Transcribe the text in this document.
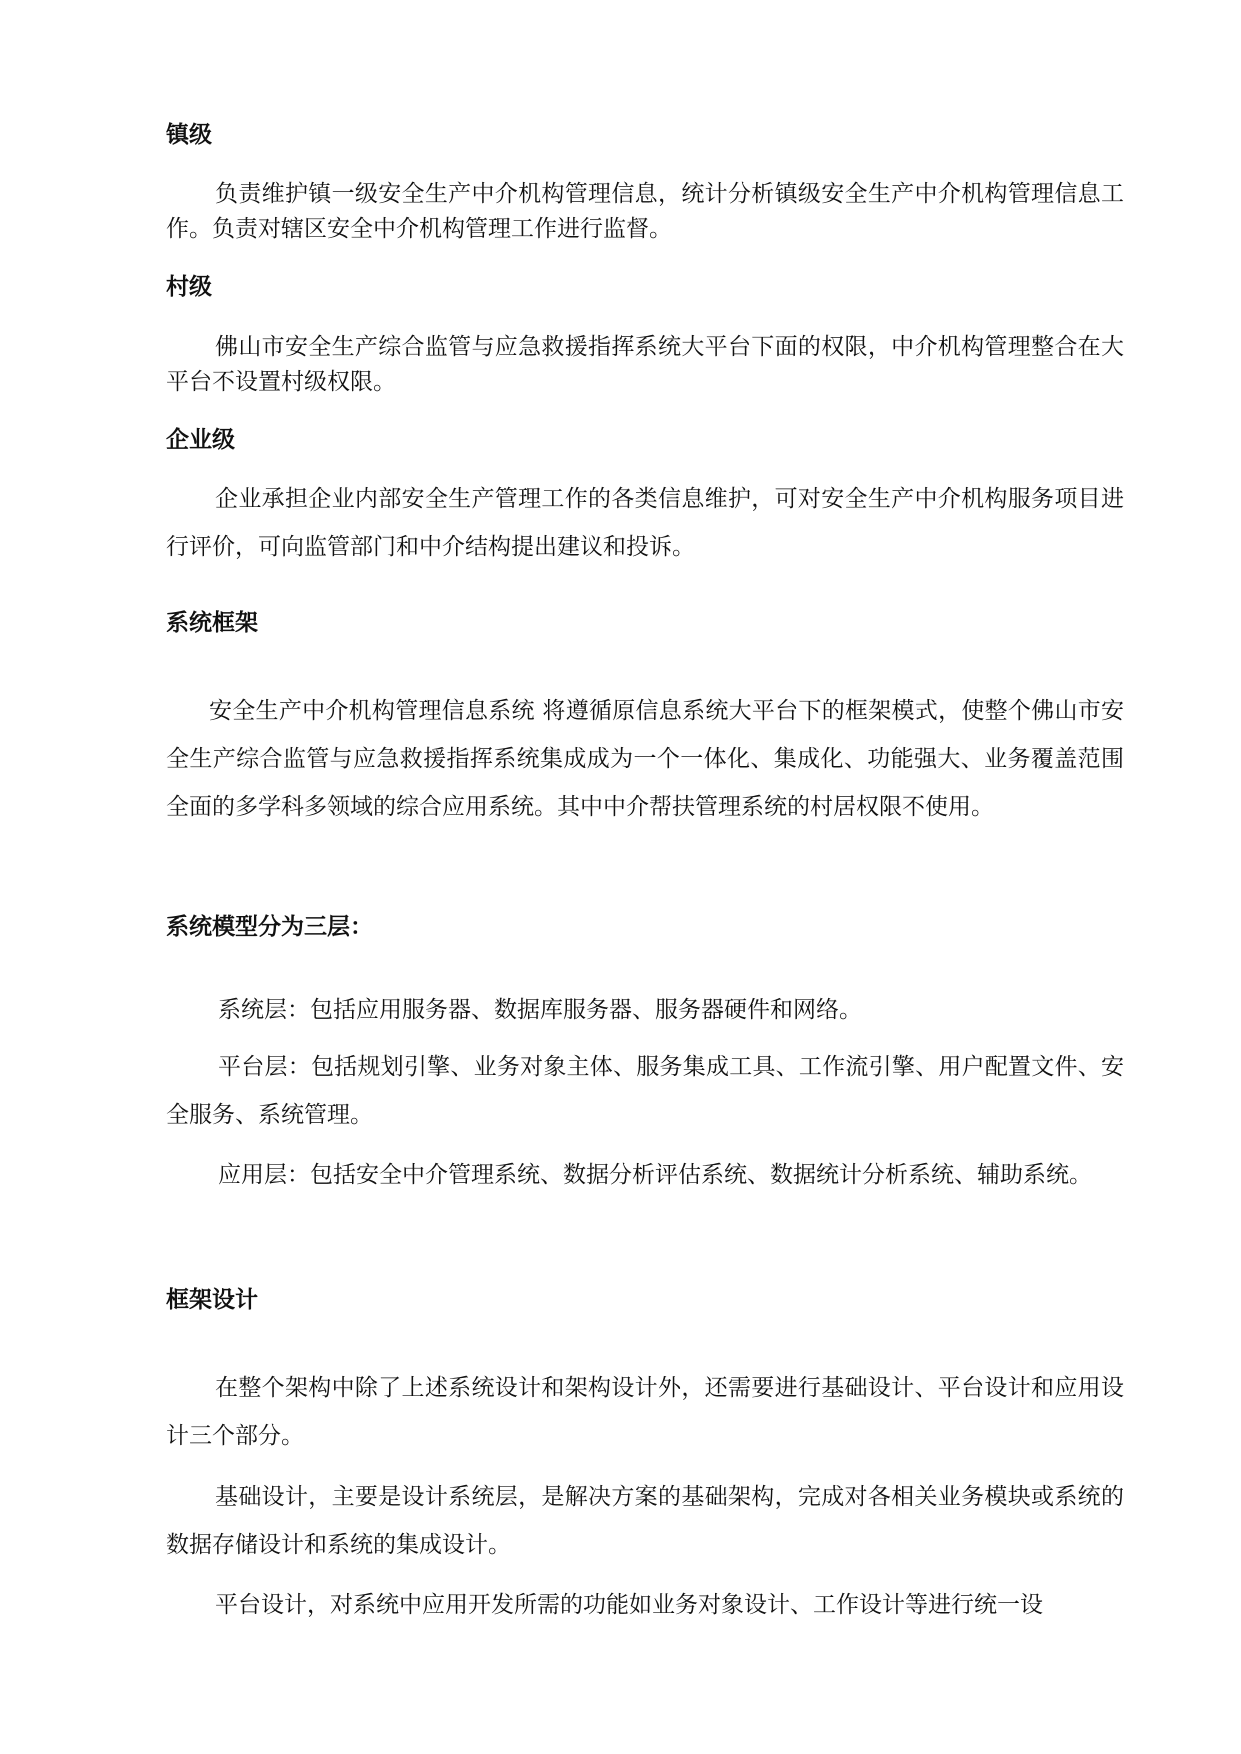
镇级

负责维护镇一级安全生产中介机构管理信息，统计分析镇级安全生产中介机构管理信息工作。负责对辖区安全中介机构管理工作进行监督。

村级

佛山市安全生产综合监管与应急救援指挥系统大平台下面的权限，中介机构管理整合在大平台不设置村级权限。

企业级

企业承担企业内部安全生产管理工作的各类信息维护，可对安全生产中介机构服务项目进行评价，可向监管部门和中介结构提出建议和投诉。

系统框架

安全生产中介机构管理信息系统 将遵循原信息系统大平台下的框架模式，使整个佛山市安全生产综合监管与应急救援指挥系统集成成为一个一体化、集成化、功能强大、业务覆盖范围全面的多学科多领域的综合应用系统。其中中介帮扶管理系统的村居权限不使用。

系统模型分为三层：

系统层：包括应用服务器、数据库服务器、服务器硬件和网络。

平台层：包括规划引擎、业务对象主体、服务集成工具、工作流引擎、用户配置文件、安全服务、系统管理。

应用层：包括安全中介管理系统、数据分析评估系统、数据统计分析系统、辅助系统。

框架设计

在整个架构中除了上述系统设计和架构设计外，还需要进行基础设计、平台设计和应用设计三个部分。

基础设计，主要是设计系统层，是解决方案的基础架构，完成对各相关业务模块或系统的数据存储设计和系统的集成设计。

平台设计，对系统中应用开发所需的功能如业务对象设计、工作设计等进行统一设
